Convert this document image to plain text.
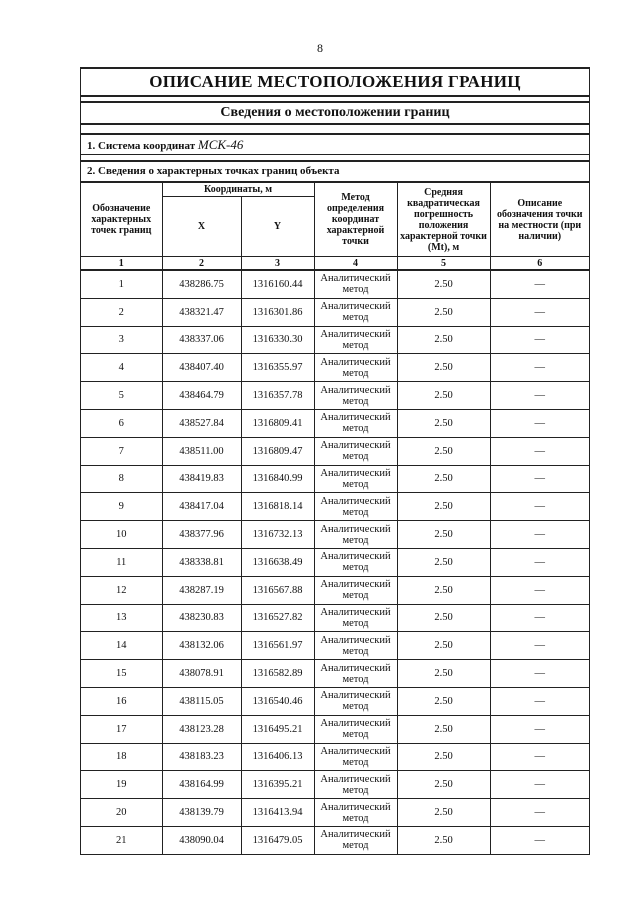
8
ОПИСАНИЕ МЕСТОПОЛОЖЕНИЯ ГРАНИЦ
Сведения о местоположении границ
1. Система координат МСК-46
2. Сведения о характерных точках границ объекта
Обозначение характерных точек границ	Координаты, м		Метод определения координат характерной точки	Средняя квадратическая погрешность положения характерной точки (Mt), м	Описание обозначения точки на местности (при наличии)
	X	Y			
1	2	3	4	5	6
1	438286.75	1316160.44	Аналитический метод	2.50	—
2	438321.47	1316301.86	Аналитический метод	2.50	—
3	438337.06	1316330.30	Аналитический метод	2.50	—
4	438407.40	1316355.97	Аналитический метод	2.50	—
5	438464.79	1316357.78	Аналитический метод	2.50	—
6	438527.84	1316809.41	Аналитический метод	2.50	—
7	438511.00	1316809.47	Аналитический метод	2.50	—
8	438419.83	1316840.99	Аналитический метод	2.50	—
9	438417.04	1316818.14	Аналитический метод	2.50	—
10	438377.96	1316732.13	Аналитический метод	2.50	—
11	438338.81	1316638.49	Аналитический метод	2.50	—
12	438287.19	1316567.88	Аналитический метод	2.50	—
13	438230.83	1316527.82	Аналитический метод	2.50	—
14	438132.06	1316561.97	Аналитический метод	2.50	—
15	438078.91	1316582.89	Аналитический метод	2.50	—
16	438115.05	1316540.46	Аналитический метод	2.50	—
17	438123.28	1316495.21	Аналитический метод	2.50	—
18	438183.23	1316406.13	Аналитический метод	2.50	—
19	438164.99	1316395.21	Аналитический метод	2.50	—
20	438139.79	1316413.94	Аналитический метод	2.50	—
21	438090.04	1316479.05	Аналитический метод	2.50	—
